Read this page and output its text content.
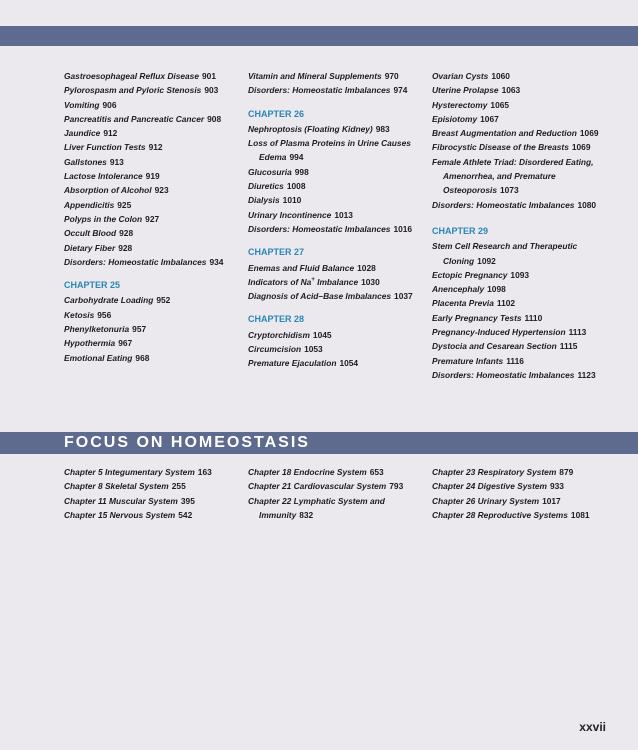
Gastroesophageal Reflux Disease 901
Pylorospasm and Pyloric Stenosis 903
Vomiting 906
Pancreatitis and Pancreatic Cancer 908
Jaundice 912
Liver Function Tests 912
Gallstones 913
Lactose Intolerance 919
Absorption of Alcohol 923
Appendicitis 925
Polyps in the Colon 927
Occult Blood 928
Dietary Fiber 928
Disorders: Homeostatic Imbalances 934
CHAPTER 25
Carbohydrate Loading 952
Ketosis 956
Phenylketonuria 957
Hypothermia 967
Emotional Eating 968
Vitamin and Mineral Supplements 970
Disorders: Homeostatic Imbalances 974
CHAPTER 26
Nephroptosis (Floating Kidney) 983
Loss of Plasma Proteins in Urine Causes Edema 994
Glucosuria 998
Diuretics 1008
Dialysis 1010
Urinary Incontinence 1013
Disorders: Homeostatic Imbalances 1016
CHAPTER 27
Enemas and Fluid Balance 1028
Indicators of Na+ Imbalance 1030
Diagnosis of Acid–Base Imbalances 1037
CHAPTER 28
Cryptorchidism 1045
Circumcision 1053
Premature Ejaculation 1054
Ovarian Cysts 1060
Uterine Prolapse 1063
Hysterectomy 1065
Episiotomy 1067
Breast Augmentation and Reduction 1069
Fibrocystic Disease of the Breasts 1069
Female Athlete Triad: Disordered Eating, Amenorrhea, and Premature Osteoporosis 1073
Disorders: Homeostatic Imbalances 1080
CHAPTER 29
Stem Cell Research and Therapeutic Cloning 1092
Ectopic Pregnancy 1093
Anencephaly 1098
Placenta Previa 1102
Early Pregnancy Tests 1110
Pregnancy-Induced Hypertension 1113
Dystocia and Cesarean Section 1115
Premature Infants 1116
Disorders: Homeostatic Imbalances 1123
FOCUS ON HOMEOSTASIS
Chapter 5 Integumentary System 163
Chapter 8 Skeletal System 255
Chapter 11 Muscular System 395
Chapter 15 Nervous System 542
Chapter 18 Endocrine System 653
Chapter 21 Cardiovascular System 793
Chapter 22 Lymphatic System and Immunity 832
Chapter 23 Respiratory System 879
Chapter 24 Digestive System 933
Chapter 26 Urinary System 1017
Chapter 28 Reproductive Systems 1081
xxvii
